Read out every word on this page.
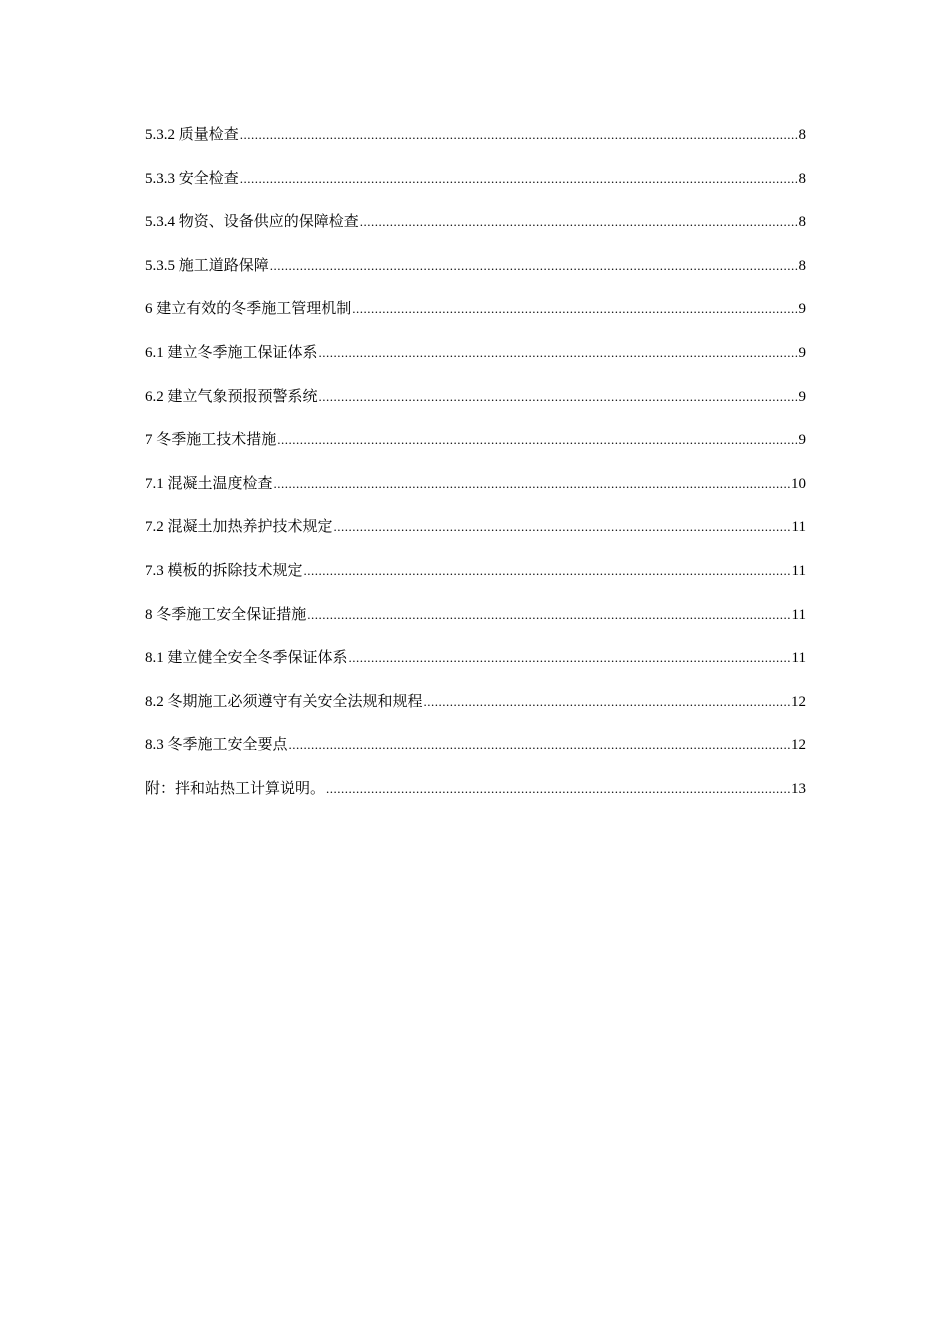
5.3.2 质量检查 .....	8
5.3.3 安全检查 .....	8
5.3.4 物资、设备供应的保障检查 .....	8
5.3.5 施工道路保障 .....	8
6 建立有效的冬季施工管理机制 .....	9
6.1 建立冬季施工保证体系 .....	9
6.2 建立气象预报预警系统 .....	9
7 冬季施工技术措施 .....	9
7.1 混凝土温度检查 .....	10
7.2 混凝土加热养护技术规定 .....	11
7.3 模板的拆除技术规定 .....	11
8 冬季施工安全保证措施 .....	11
8.1 建立健全安全冬季保证体系 .....	11
8.2 冬期施工必须遵守有关安全法规和规程 .....	12
8.3 冬季施工安全要点 .....	12
附：拌和站热工计算说明。 .....	13
